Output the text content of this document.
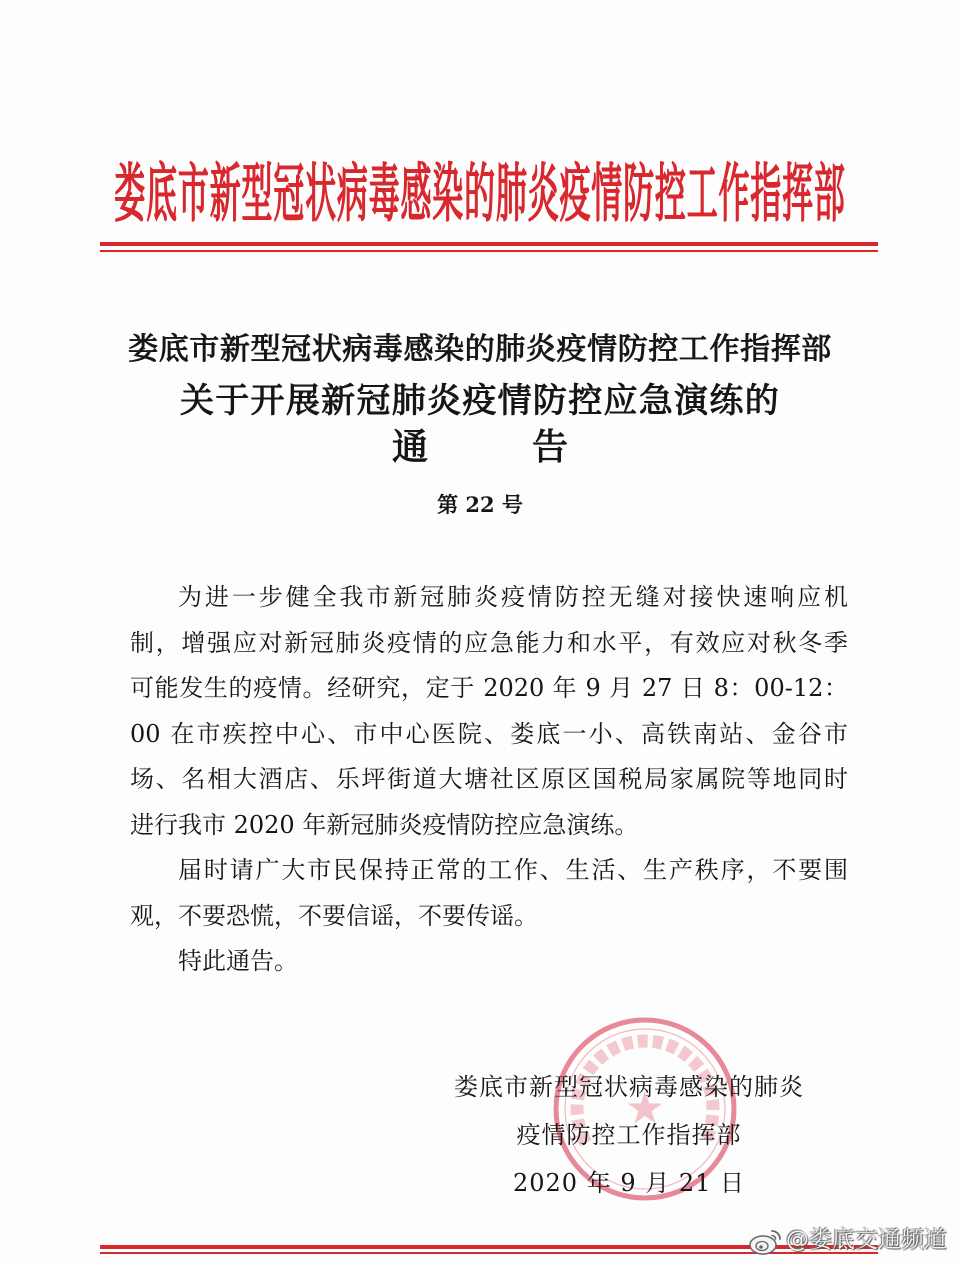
娄底市新型冠状病毒感染的肺炎疫情防控工作指挥部
娄底市新型冠状病毒感染的肺炎疫情防控工作指挥部
关于开展新冠肺炎疫情防控应急演练的
通告
第 22 号
为进一步健全我市新冠肺炎疫情防控无缝对接快速响应机
制，增强应对新冠肺炎疫情的应急能力和水平，有效应对秋冬季
可能发生的疫情。经研究，定于 2020 年 9 月 27 日 8：00-12：
00 在市疾控中心、市中心医院、娄底一小、高铁南站、金谷市
场、名相大酒店、乐坪街道大塘社区原区国税局家属院等地同时
进行我市 2020 年新冠肺炎疫情防控应急演练。
届时请广大市民保持正常的工作、生活、生产秩序，不要围
观，不要恐慌，不要信谣，不要传谣。
特此通告。
娄底市新型冠状病毒感染的肺炎
疫情防控工作指挥部
2020 年 9 月 21 日
@娄底交通频道
